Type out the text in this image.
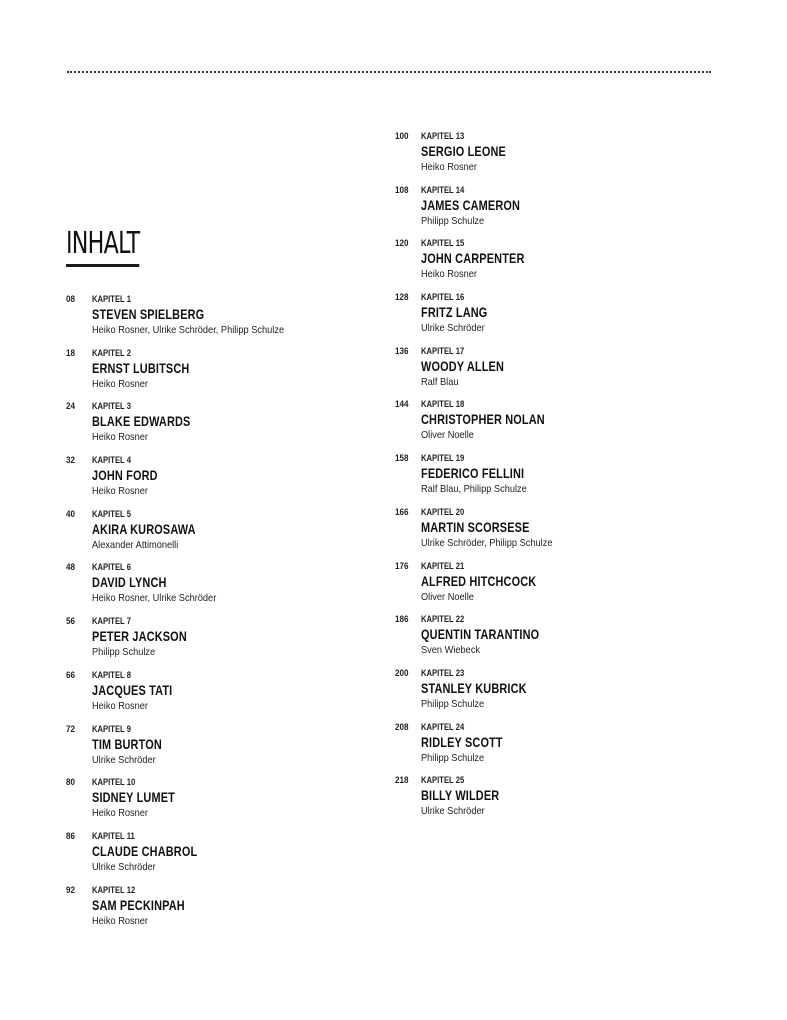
INHALT
08 KAPITEL 1
STEVEN SPIELBERG
Heiko Rosner, Ulrike Schröder, Philipp Schulze
18 KAPITEL 2
ERNST LUBITSCH
Heiko Rosner
24 KAPITEL 3
BLAKE EDWARDS
Heiko Rosner
32 KAPITEL 4
JOHN FORD
Heiko Rosner
40 KAPITEL 5
AKIRA KUROSAWA
Alexander Attimonelli
48 KAPITEL 6
DAVID LYNCH
Heiko Rosner, Ulrike Schröder
56 KAPITEL 7
PETER JACKSON
Philipp Schulze
66 KAPITEL 8
JACQUES TATI
Heiko Rosner
72 KAPITEL 9
TIM BURTON
Ulrike Schröder
80 KAPITEL 10
SIDNEY LUMET
Heiko Rosner
86 KAPITEL 11
CLAUDE CHABROL
Ulrike Schröder
92 KAPITEL 12
SAM PECKINPAH
Heiko Rosner
100 KAPITEL 13
SERGIO LEONE
Heiko Rosner
108 KAPITEL 14
JAMES CAMERON
Philipp Schulze
120 KAPITEL 15
JOHN CARPENTER
Heiko Rosner
128 KAPITEL 16
FRITZ LANG
Ulrike Schröder
136 KAPITEL 17
WOODY ALLEN
Ralf Blau
144 KAPITEL 18
CHRISTOPHER NOLAN
Oliver Noelle
158 KAPITEL 19
FEDERICO FELLINI
Ralf Blau, Philipp Schulze
166 KAPITEL 20
MARTIN SCORSESE
Ulrike Schröder, Philipp Schulze
176 KAPITEL 21
ALFRED HITCHCOCK
Oliver Noelle
186 KAPITEL 22
QUENTIN TARANTINO
Sven Wiebeck
200 KAPITEL 23
STANLEY KUBRICK
Philipp Schulze
208 KAPITEL 24
RIDLEY SCOTT
Philipp Schulze
218 KAPITEL 25
BILLY WILDER
Ulrike Schröder
